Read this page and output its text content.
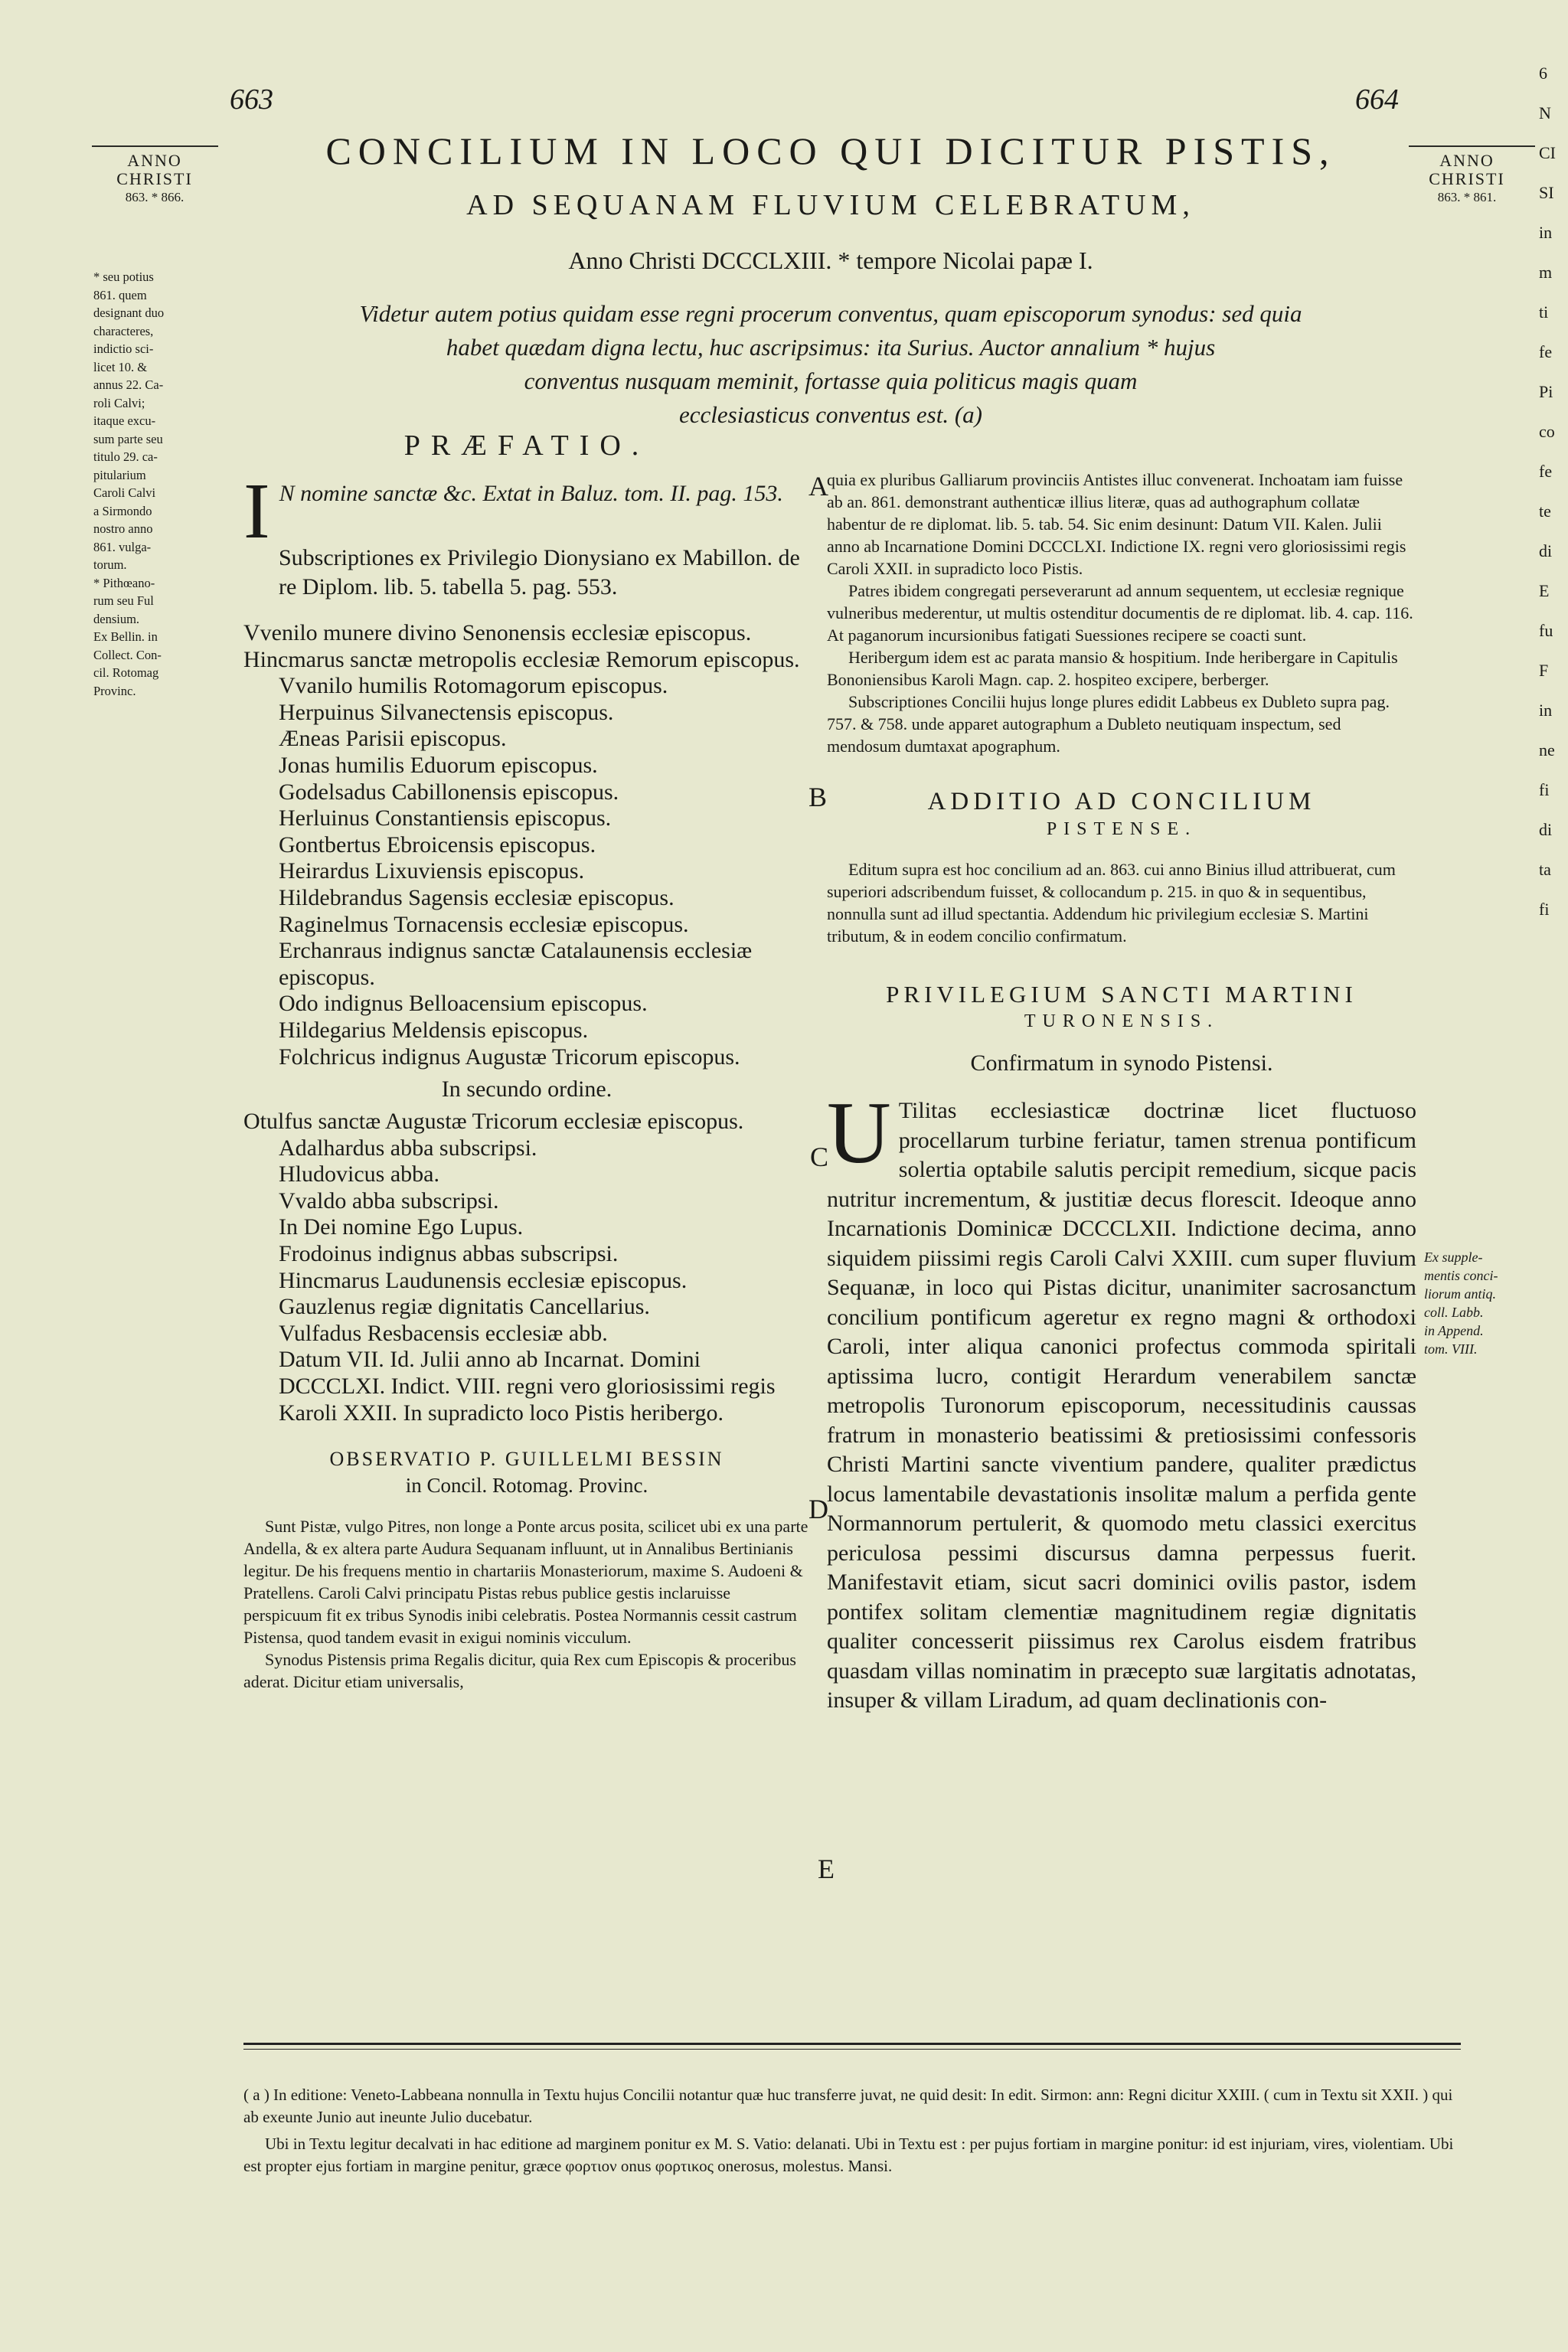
663	664
ANNO
CHRISTI
863. * 866.
ANNO
CHRISTI
863. * 861.
CONCILIUM IN LOCO QUI DICITUR PISTIS,
AD SEQUANAM FLUVIUM CELEBRATUM,
Anno Christi DCCCLXIII. * tempore Nicolai papæ I.
Videtur autem potius quidam esse regni procerum conventus, quam episcoporum synodus: sed quia
habet quædam digna lectu, huc ascripsimus: ita Surius. Auctor annalium * hujus
conventus nusquam meminit, fortasse quia politicus magis quam
ecclesiasticus conventus est. (a)
* seu potius
861. quem
designant duo
characteres,
indictio sci-
licet 10. &
annus 22. Ca-
roli Calvi;
itaque excu-
sum parte seu
titulo 29. ca-
pitularium
Caroli Calvi
a Sirmondo
nostro anno
861. vulga-
torum.
* Pithœano-
rum seu Ful
densium.
Ex Bellin. in
Collect. Con-
cil. Rotomag
Provinc.
Ex supple-
mentis conci-
liorum antiq.
coll. Labb.
in Append.
tom. VIII.
PRÆFATIO.
I N nomine sanctæ &c. Extat in Baluz. tom. II. pag. 153.
Subscriptiones ex Privilegio Dionysiano ex Mabillon. de re Diplom. lib. 5. tabella 5. pag. 553.
Vvenilo munere divino Senonensis ecclesiæ episcopus.
Hincmarus sanctæ metropolis ecclesiæ Remorum episcopus.
Vvanilo humilis Rotomagorum episcopus.
Herpuinus Silvanectensis episcopus.
Æneas Parisii episcopus.
Jonas humilis Eduorum episcopus.
Godelsadus Cabillonensis episcopus.
Herluinus Constantiensis episcopus.
Gontbertus Ebroicensis episcopus.
Heirardus Lixuviensis episcopus.
Hildebrandus Sagensis ecclesiæ episcopus.
Raginelmus Tornacensis ecclesiæ episcopus.
Erchanraus indignus sanctæ Catalaunensis ecclesiæ episcopus.
Odo indignus Belloacensium episcopus.
Hildegarius Meldensis episcopus.
Folchricus indignus Augustæ Tricorum episcopus.
In secundo ordine.
Otulfus sanctæ Augustæ Tricorum ecclesiæ episcopus.
Adalhardus abba subscripsi.
Hludovicus abba.
Vvaldo abba subscripsi.
In Dei nomine Ego Lupus.
Frodoinus indignus abbas subscripsi.
Hincmarus Laudunensis ecclesiæ episcopus.
Gauzlenus regiæ dignitatis Cancellarius.
Vulfadus Resbacensis ecclesiæ abb.
Datum VII. Id. Julii anno ab Incarnat. Domini DCCCLXI. Indict. VIII. regni vero gloriosissimi regis Karoli XXII. In supradicto loco Pistis heribergo.
OBSERVATIO P. GUILLELMI BESSIN
in Concil. Rotomag. Provinc.

Sunt Pistæ, vulgo Pitres, non longe a Ponte arcus posita, scilicet ubi ex una parte Andella, & ex altera parte Audura Sequanam influunt, ut in Annalibus Bertinianis legitur. De his frequens mentio in chartariis Monasteriorum, maxime S. Audoeni & Pratellens. Caroli Calvi principatu Pistas rebus publice gestis inclaruisse perspicuum fit ex tribus Synodis inibi celebratis. Postea Normannis cessit castrum Pistensa, quod tandem evasit in exigui nominis vicculum.

Synodus Pistensis prima Regalis dicitur, quia Rex cum Episcopis & proceribus aderat. Dicitur etiam universalis,

quia ex pluribus Galliarum provinciis Antistes illuc convenerat. Inchoatam iam fuisse ab an. 861. demonstrant authenticæ illius literæ, quas ad authographum collatæ habentur de re diplomat. lib. 5. tab. 54. Sic enim desinunt: Datum VII. Kalen. Julii anno ab Incarnatione Domini DCCCLXI. Indictione IX. regni vero gloriosissimi regis Caroli XXII. in supradicto loco Pistis.

Patres ibidem congregati perseverarunt ad annum sequentem, ut ecclesiæ regnique vulneribus mederentur, ut multis ostenditur documentis de re diplomat. lib. 4. cap. 116. At paganorum incursionibus fatigati Suessiones recipere se coacti sunt.

Heribergum idem est ac parata mansio & hospitium. Inde heribergare in Capitulis Bononiensibus Karoli Magn. cap. 2. hospiteo excipere, berberger.

Subscriptiones Concilii hujus longe plures edidit Labbeus ex Dubleto supra pag. 757. & 758. unde apparet autographum a Dubleto neutiquam inspectum, sed mendosum dumtaxat apographum.

ADDITIO AD CONCILIUM
PISTENSE.
Editum supra est hoc concilium ad an. 863. cui anno Binius illud attribuerat, cum superiori adscribendum fuisset, & collocandum p. 215. in quo & in sequentibus, nonnulla sunt ad illud spectantia. Addendum hic privilegium ecclesiæ S. Martini tributum, & in eodem concilio confirmatum.
PRIVILEGIUM SANCTI MARTINI
TURONENSIS.
Confirmatum in synodo Pistensi.
U Tilitas ecclesiasticæ doctrinæ licet fluctuoso procellarum turbine feriatur, tamen strenua pontificum solertia optabile salutis percipit remedium, sicque pacis nutritur incrementum, & justitiæ decus florescit. Ideoque anno Incarnationis Dominicæ DCCCLXII. Indictione decima, anno siquidem piissimi regis Caroli Calvi XXIII. cum super fluvium Sequanæ, in loco qui Pistas dicitur, unanimiter sacrosanctum concilium pontificum ageretur ex regno magni & orthodoxi Caroli, inter aliqua canonici profectus commoda spiritali aptissima lucro, contigit Herardum venerabilem sanctæ metropolis Turonorum episcoporum, necessitudinis caussas fratrum in monasterio beatissimi & pretiosissimi confessoris Christi Martini sancte viventium pandere, qualiter prædictus locus lamentabile devastationis insolitæ malum a perfida gente Normannorum pertulerit, & quomodo metu classici exercitus periculosa pessimi discursus damna perpessus fuerit. Manifestavit etiam, sicut sacri dominici ovilis pastor, isdem pontifex solitam clementiæ magnitudinem regiæ dignitatis qualiter concesserit piissimus rex Carolus eisdem fratribus quasdam villas nominatim in præcepto suæ largitatis adnotatas, insuper & villam Liradum, ad quam declinationis con-
A
B
C
D
E

( a ) In editione: Veneto-Labbeana nonnulla in Textu hujus Concilii notantur quæ huc transferre juvat, ne quid desit: In edit. Sirmon: ann: Regni dicitur XXIII. ( cum in Textu sit XXII. ) qui ab exeunte Junio aut ineunte Julio ducebatur.

Ubi in Textu legitur decalvati in hac editione ad marginem ponitur ex M. S. Vatio: delanati. Ubi in Textu est : per pujus fortiam in margine ponitur: id est injuriam, vires, violentiam. Ubi est propter ejus fortiam in margine penitur, græce φορτιον onus φορτικος onerosus, molestus. Mansi.

6
N
CI
SI
in
m
ti
fe
Pi
co
fe
te
di
E
fu
F
in
ne
fi
di
ta
fi
